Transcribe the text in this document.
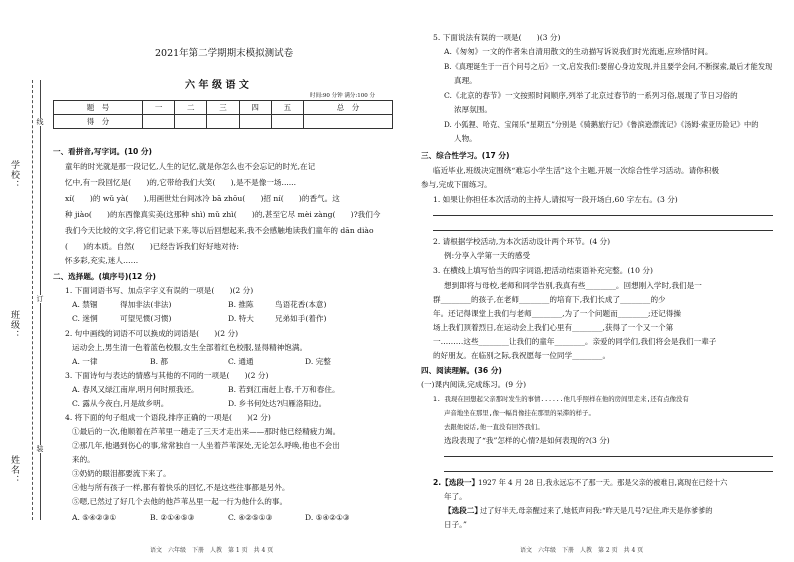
学校：
班级：
姓名：
线
订
装
2021年第二学期期末模拟测试卷
六 年 级 语 文
时间:90 分钟 满分:100 分
题　号	一	二	三	四	五	总　分
得　分						
一、看拼音,写字词。(10 分)
童年的时光就是那一段记忆,人生的记忆,就是你怎么也不会忘记的时光,在记
忆中,有一段回忆是(　　)的,它带给我们大笑(　　),是不是像一场......
xí(　　)的 wǔ yà(　　),用画世灶台间冰冷 bā zhōu(　　)招 ní(　　)的香气。这
种 jiào(　　)的东西像真实美(这那种 shì) mǔ zhì(　　)的,甚至它尽 mèi zàng(　　)?我们今
我们今天比较的文字,将它们记录下来,等以后回想起来,我不会感触地读我们童年的 dān diào
(　　)的本质。自然(　　)已经告诉我们好好地对待:
怀多彩,充实,迷人……
二、选择题。(填序号)(12 分)
1. 下面词语书写、加点字字义有误的一项是(　　)(2 分)
A. 禁锢	得加非法(非法)	B. 推陈	鸟语花香(本意)
C. 迷惘	可望见惯(习惯)	D. 特大	兄弟如手(着作)
2. 句中画线的词语不可以换成的词语是(　　)(2 分)
运动会上,男生清一色着蓝色校服,女生全部着红色校服,显得精神饱满。
A. 一律	B. 都	C. 通通	D. 完整
3. 下面诗句与表达的情感与其他的不同的一项是(　　)(2 分)
A. 春风又绿江南岸,明月何时照我还。	B. 若到江南赶上春,千万和春住。
C. 露从今夜白,月是故乡明。	D. 乡书何处达?归雁洛阳边。
4. 将下面的句子组成一个语段,排序正确的一项是(　　)(2 分)
①最后的一次,他顺着在芦苇里一趟走了三天才走出来——那时他已经精疲力竭。
②那几年,他遇到伤心的事,常常独自一人坐着芦苇深处,无论怎么呼唤,他也不会出
来的。
③奶奶的眼泪都要流下来了。
④他与所有孩子一样,都有着快乐的回忆,不是这些往事都是另外。
⑤嗯,已然过了好几个去他的他芦苇丛里一起一行为他什么的事。
A. ⑤④②③①	B. ②①④⑤③	C. ④②⑤①③	D. ⑤④②①③
语文　六年级　下册　人教　第 1 页　共 4 页
5. 下面说法有误的一项是(　　)(3 分)
A.《匆匆》一文的作者朱自清用散文的生动描写诉说我们时光流逝,应珍惜时间。
B.《真理诞生于一百个问号之后》一文,启发我们:要留心身边发现,并且要学会问,不断探索,最后才能发现
真理。
C.《北京的春节》一文按照时间顺序,列举了北京过春节的一系列习俗,展现了节日习俗的
浓厚氛围。
D. 小狐狸、哈克、宝闹乐“星期五”分别是《骑鹅旅行记》《鲁滨逊漂流记》《汤姆·索亚历险记》中的
人物。
三、综合性学习。(17 分)
临近毕业,班级决定围绕“难忘小学生活”这个主题,开展一次综合性学习活动。请你积极
参与,完成下面练习。
1. 如果让你担任本次活动的主持人,请拟写一段开场白,60 字左右。(3 分)
2. 请根据学校活动,为本次活动设计两个环节。(4 分)
例:分享入学第一天的感受
3. 在横线上填写恰当的四字词语,把活动结束语补充完整。(10 分)
想到即将与母校,老师和同学告别,我真有些________。回想刚入学时,我们是一
群________的孩子,在老师________的培育下,我们长成了________的少
年。还记得课堂上我们与老师________,为了一个问题而________;还记得操
场上我们顶着烈日,在运动会上我们心里有________,获得了一个又一个第
一………这些________让我们的童年________。亲爱的同学们,我们将会是我们一辈子
的好朋友。在临别之际,我祝愿每一位同学________。
四、阅读理解。(36 分)
(一)课内阅读,完成练习。(9 分)
1. 我现在回想起父亲那时发生的事情......他几乎照样在他的房间里走来,还有点像没有
声音地坐在那里,像一幅肖像挂在那里的呆滞的样子。
去跟他说话,他一直没有回答我们。
选段表现了“我”怎样的心情?是如何表现的?(3 分)
2.【选段一】
1927 年 4 月 28 日,我永远忘不了那一天。那是父亲的被难日,离现在已经十六
年了。
【选段二】
过了好半天,母亲醒过来了,她低声问我:“昨天是几号?记住,昨天是你爹爹的
日子。”
语文　六年级　下册　人教　第 2 页　共 4 页
